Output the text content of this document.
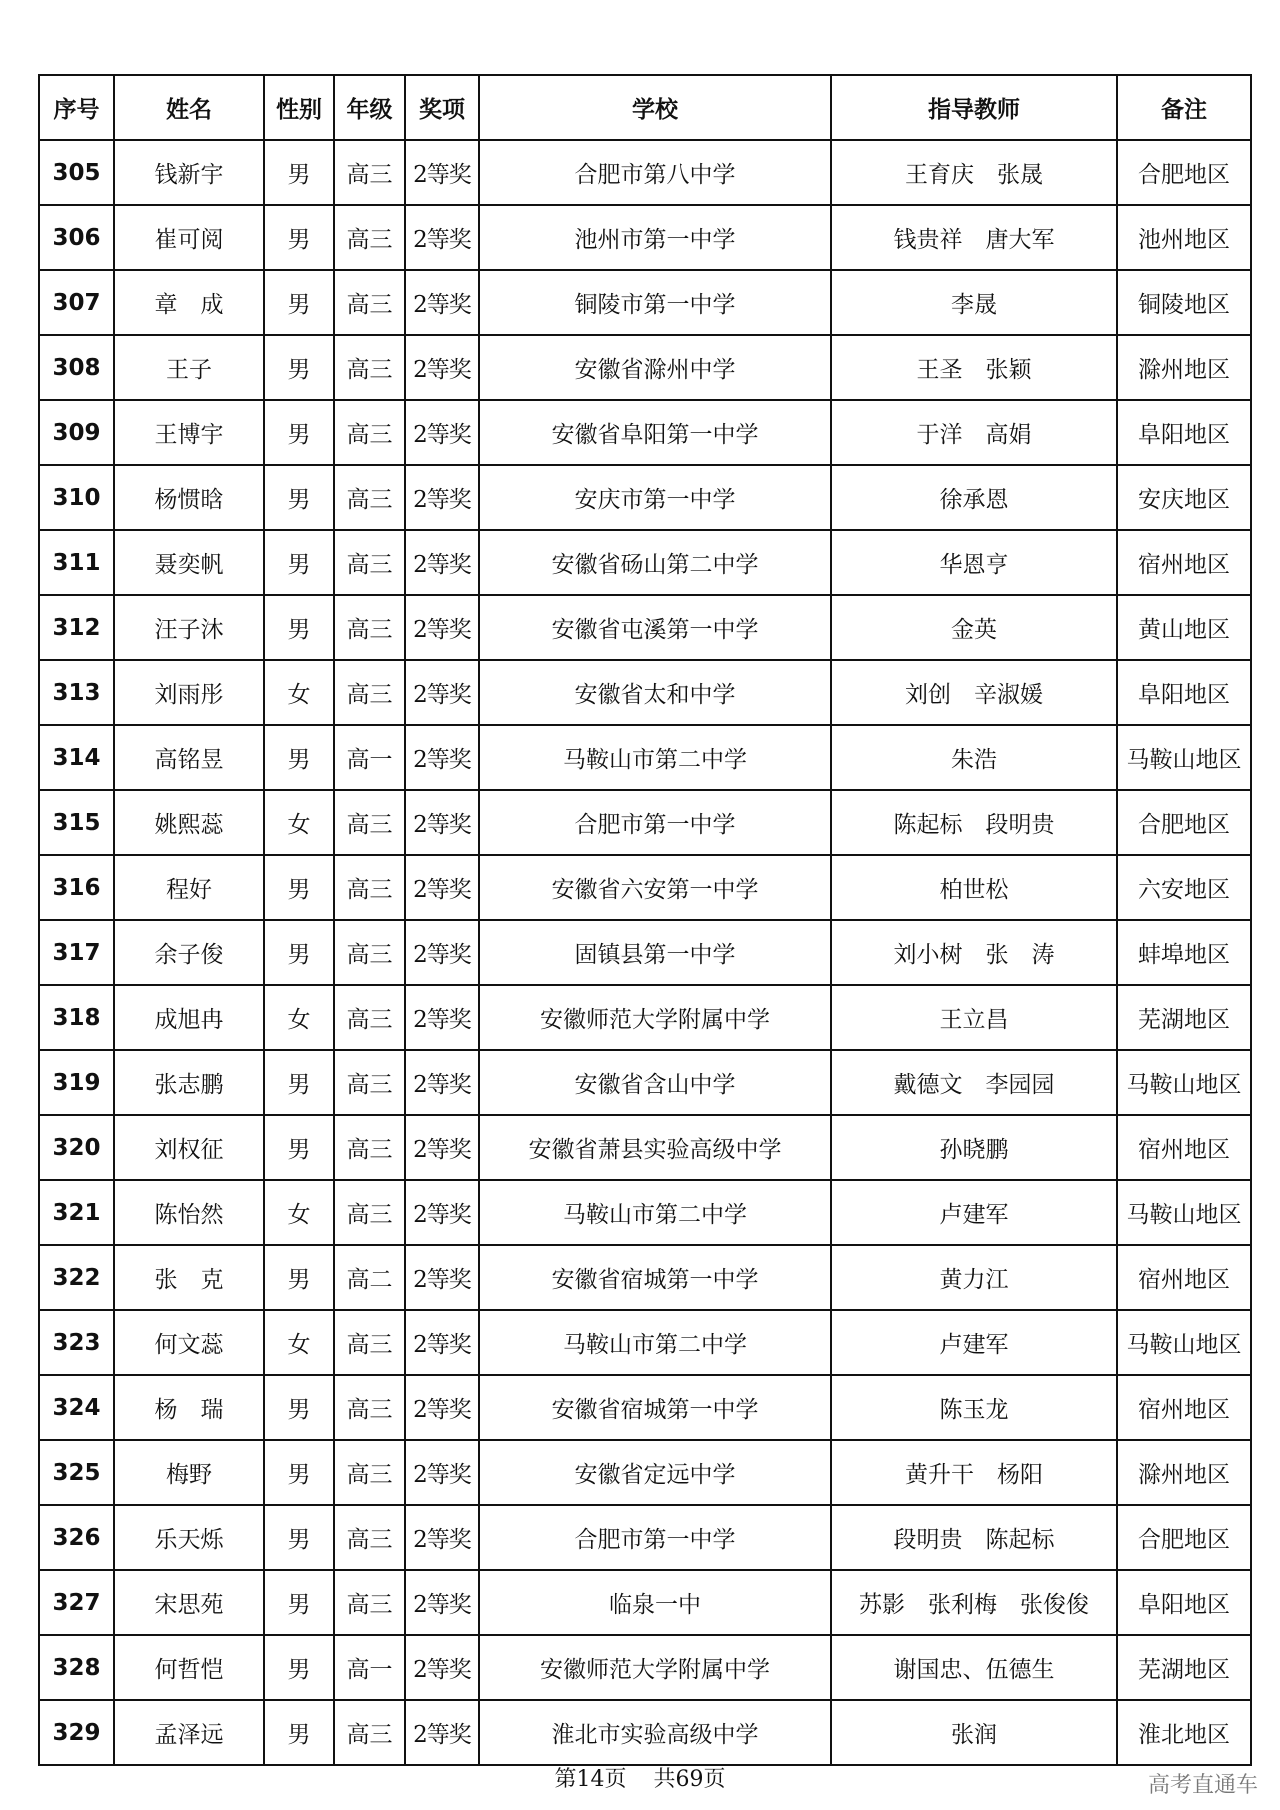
序号	姓名	性别	年级	奖项	学校	指导教师	备注
305	钱新宇	男	高三	2等奖	合肥市第八中学	王育庆　张晟	合肥地区
306	崔可阅	男	高三	2等奖	池州市第一中学	钱贵祥　唐大军	池州地区
307	章　成	男	高三	2等奖	铜陵市第一中学	李晟	铜陵地区
308	王子	男	高三	2等奖	安徽省滁州中学	王圣　张颖	滁州地区
309	王博宇	男	高三	2等奖	安徽省阜阳第一中学	于洋　高娟	阜阳地区
310	杨惯晗	男	高三	2等奖	安庆市第一中学	徐承恩	安庆地区
311	聂奕帆	男	高三	2等奖	安徽省砀山第二中学	华恩亨	宿州地区
312	汪子沐	男	高三	2等奖	安徽省屯溪第一中学	金英	黄山地区
313	刘雨彤	女	高三	2等奖	安徽省太和中学	刘创　辛淑媛	阜阳地区
314	高铭昱	男	高一	2等奖	马鞍山市第二中学	朱浩	马鞍山地区
315	姚熙蕊	女	高三	2等奖	合肥市第一中学	陈起标　段明贵	合肥地区
316	程好	男	高三	2等奖	安徽省六安第一中学	柏世松	六安地区
317	余子俊	男	高三	2等奖	固镇县第一中学	刘小树　张　涛	蚌埠地区
318	成旭冉	女	高三	2等奖	安徽师范大学附属中学	王立昌	芜湖地区
319	张志鹏	男	高三	2等奖	安徽省含山中学	戴德文　李园园	马鞍山地区
320	刘权征	男	高三	2等奖	安徽省萧县实验高级中学	孙晓鹏	宿州地区
321	陈怡然	女	高三	2等奖	马鞍山市第二中学	卢建军	马鞍山地区
322	张　克	男	高二	2等奖	安徽省宿城第一中学	黄力江	宿州地区
323	何文蕊	女	高三	2等奖	马鞍山市第二中学	卢建军	马鞍山地区
324	杨　瑞	男	高三	2等奖	安徽省宿城第一中学	陈玉龙	宿州地区
325	梅野	男	高三	2等奖	安徽省定远中学	黄升干　杨阳	滁州地区
326	乐天烁	男	高三	2等奖	合肥市第一中学	段明贵　陈起标	合肥地区
327	宋思苑	男	高三	2等奖	临泉一中	苏影　张利梅　张俊俊	阜阳地区
328	何哲恺	男	高一	2等奖	安徽师范大学附属中学	谢国忠、伍德生	芜湖地区
329	孟泽远	男	高三	2等奖	淮北市实验高级中学	张润	淮北地区
第14页 共69页	高考直通车
